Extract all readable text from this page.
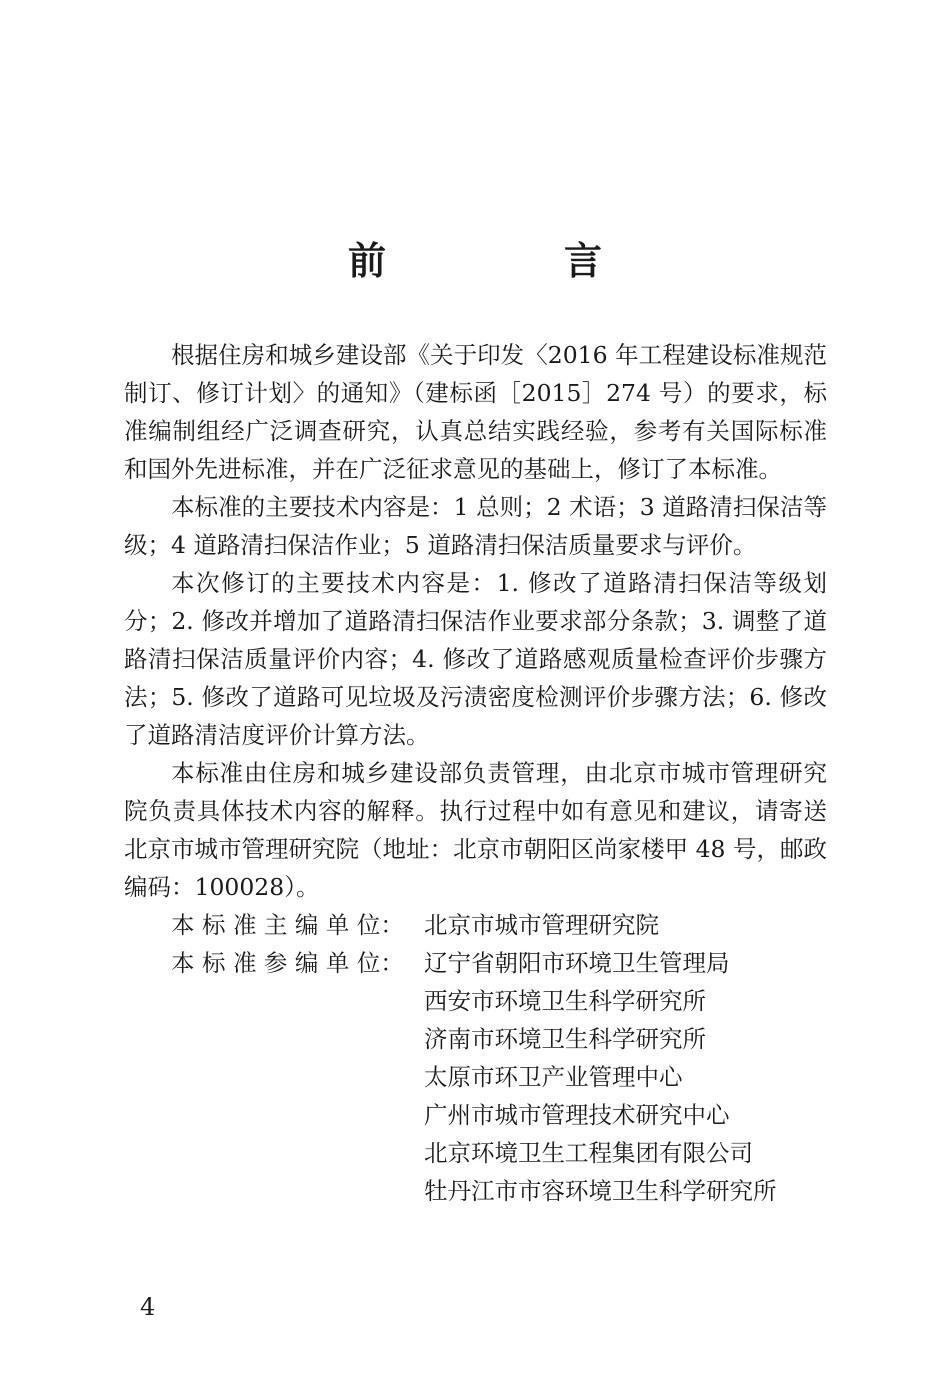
前　言

根据住房和城乡建设部《关于印发〈2016 年工程建设标准规范制订、修订计划〉的通知》（建标函［2015］274 号）的要求，标准编制组经广泛调查研究，认真总结实践经验，参考有关国际标准和国外先进标准，并在广泛征求意见的基础上，修订了本标准。

本标准的主要技术内容是：1 总则；2 术语；3 道路清扫保洁等级；4 道路清扫保洁作业；5 道路清扫保洁质量要求与评价。

本次修订的主要技术内容是：1. 修改了道路清扫保洁等级划分；2. 修改并增加了道路清扫保洁作业要求部分条款；3. 调整了道路清扫保洁质量评价内容；4. 修改了道路感观质量检查评价步骤方法；5. 修改了道路可见垃圾及污渍密度检测评价步骤方法；6. 修改了道路清洁度评价计算方法。

本标准由住房和城乡建设部负责管理，由北京市城市管理研究院负责具体技术内容的解释。执行过程中如有意见和建议，请寄送北京市城市管理研究院（地址：北京市朝阳区尚家楼甲 48 号，邮政编码：100028）。

本 标 准 主 编 单 位： 北京市城市管理研究院
本 标 准 参 编 单 位： 辽宁省朝阳市环境卫生管理局
西安市环境卫生科学研究所
济南市环境卫生科学研究所
太原市环卫产业管理中心
广州市城市管理技术研究中心
北京环境卫生工程集团有限公司
牡丹江市市容环境卫生科学研究所
4
